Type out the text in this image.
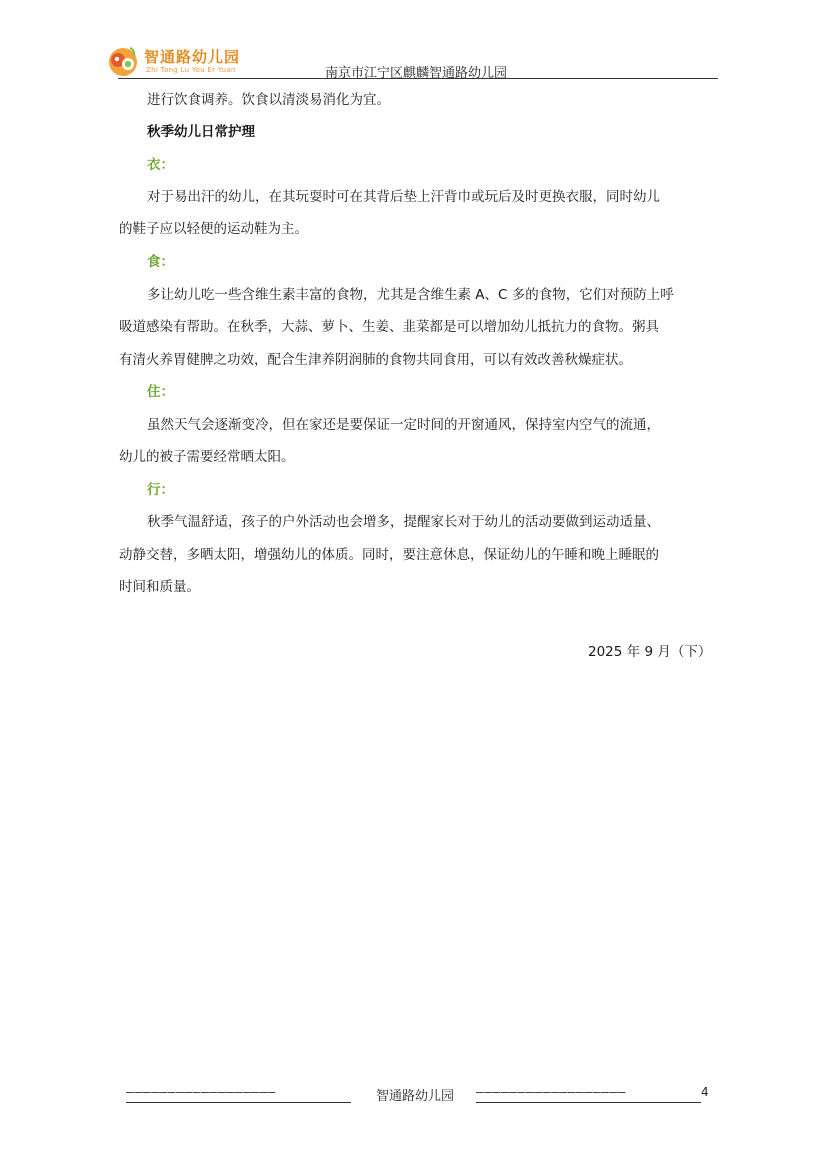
智通路幼儿园
Zhi Tong Lu You Er Yuan	南京市江宁区麒麟智通路幼儿园
进行饮食调养。饮食以清淡易消化为宜。
秋季幼儿日常护理
衣：
对于易出汗的幼儿，在其玩耍时可在其背后垫上汗背巾或玩后及时更换衣服，同时幼儿
的鞋子应以轻便的运动鞋为主。
食：
多让幼儿吃一些含维生素丰富的食物，尤其是含维生素 A、C 多的食物，它们对预防上呼
吸道感染有帮助。在秋季，大蒜、萝卜、生姜、韭菜都是可以增加幼儿抵抗力的食物。粥具
有清火养胃健脾之功效，配合生津养阴润肺的食物共同食用，可以有效改善秋燥症状。
住：
虽然天气会逐渐变冷，但在家还是要保证一定时间的开窗通风，保持室内空气的流通，
幼儿的被子需要经常晒太阳。
行：
秋季气温舒适，孩子的户外活动也会增多，提醒家长对于幼儿的活动要做到运动适量、
动静交替，多晒太阳，增强幼儿的体质。同时，要注意休息，保证幼儿的午睡和晚上睡眠的
时间和质量。
2025 年 9 月（下）
——————————————————	智通路幼儿园 ——————————————————	4
